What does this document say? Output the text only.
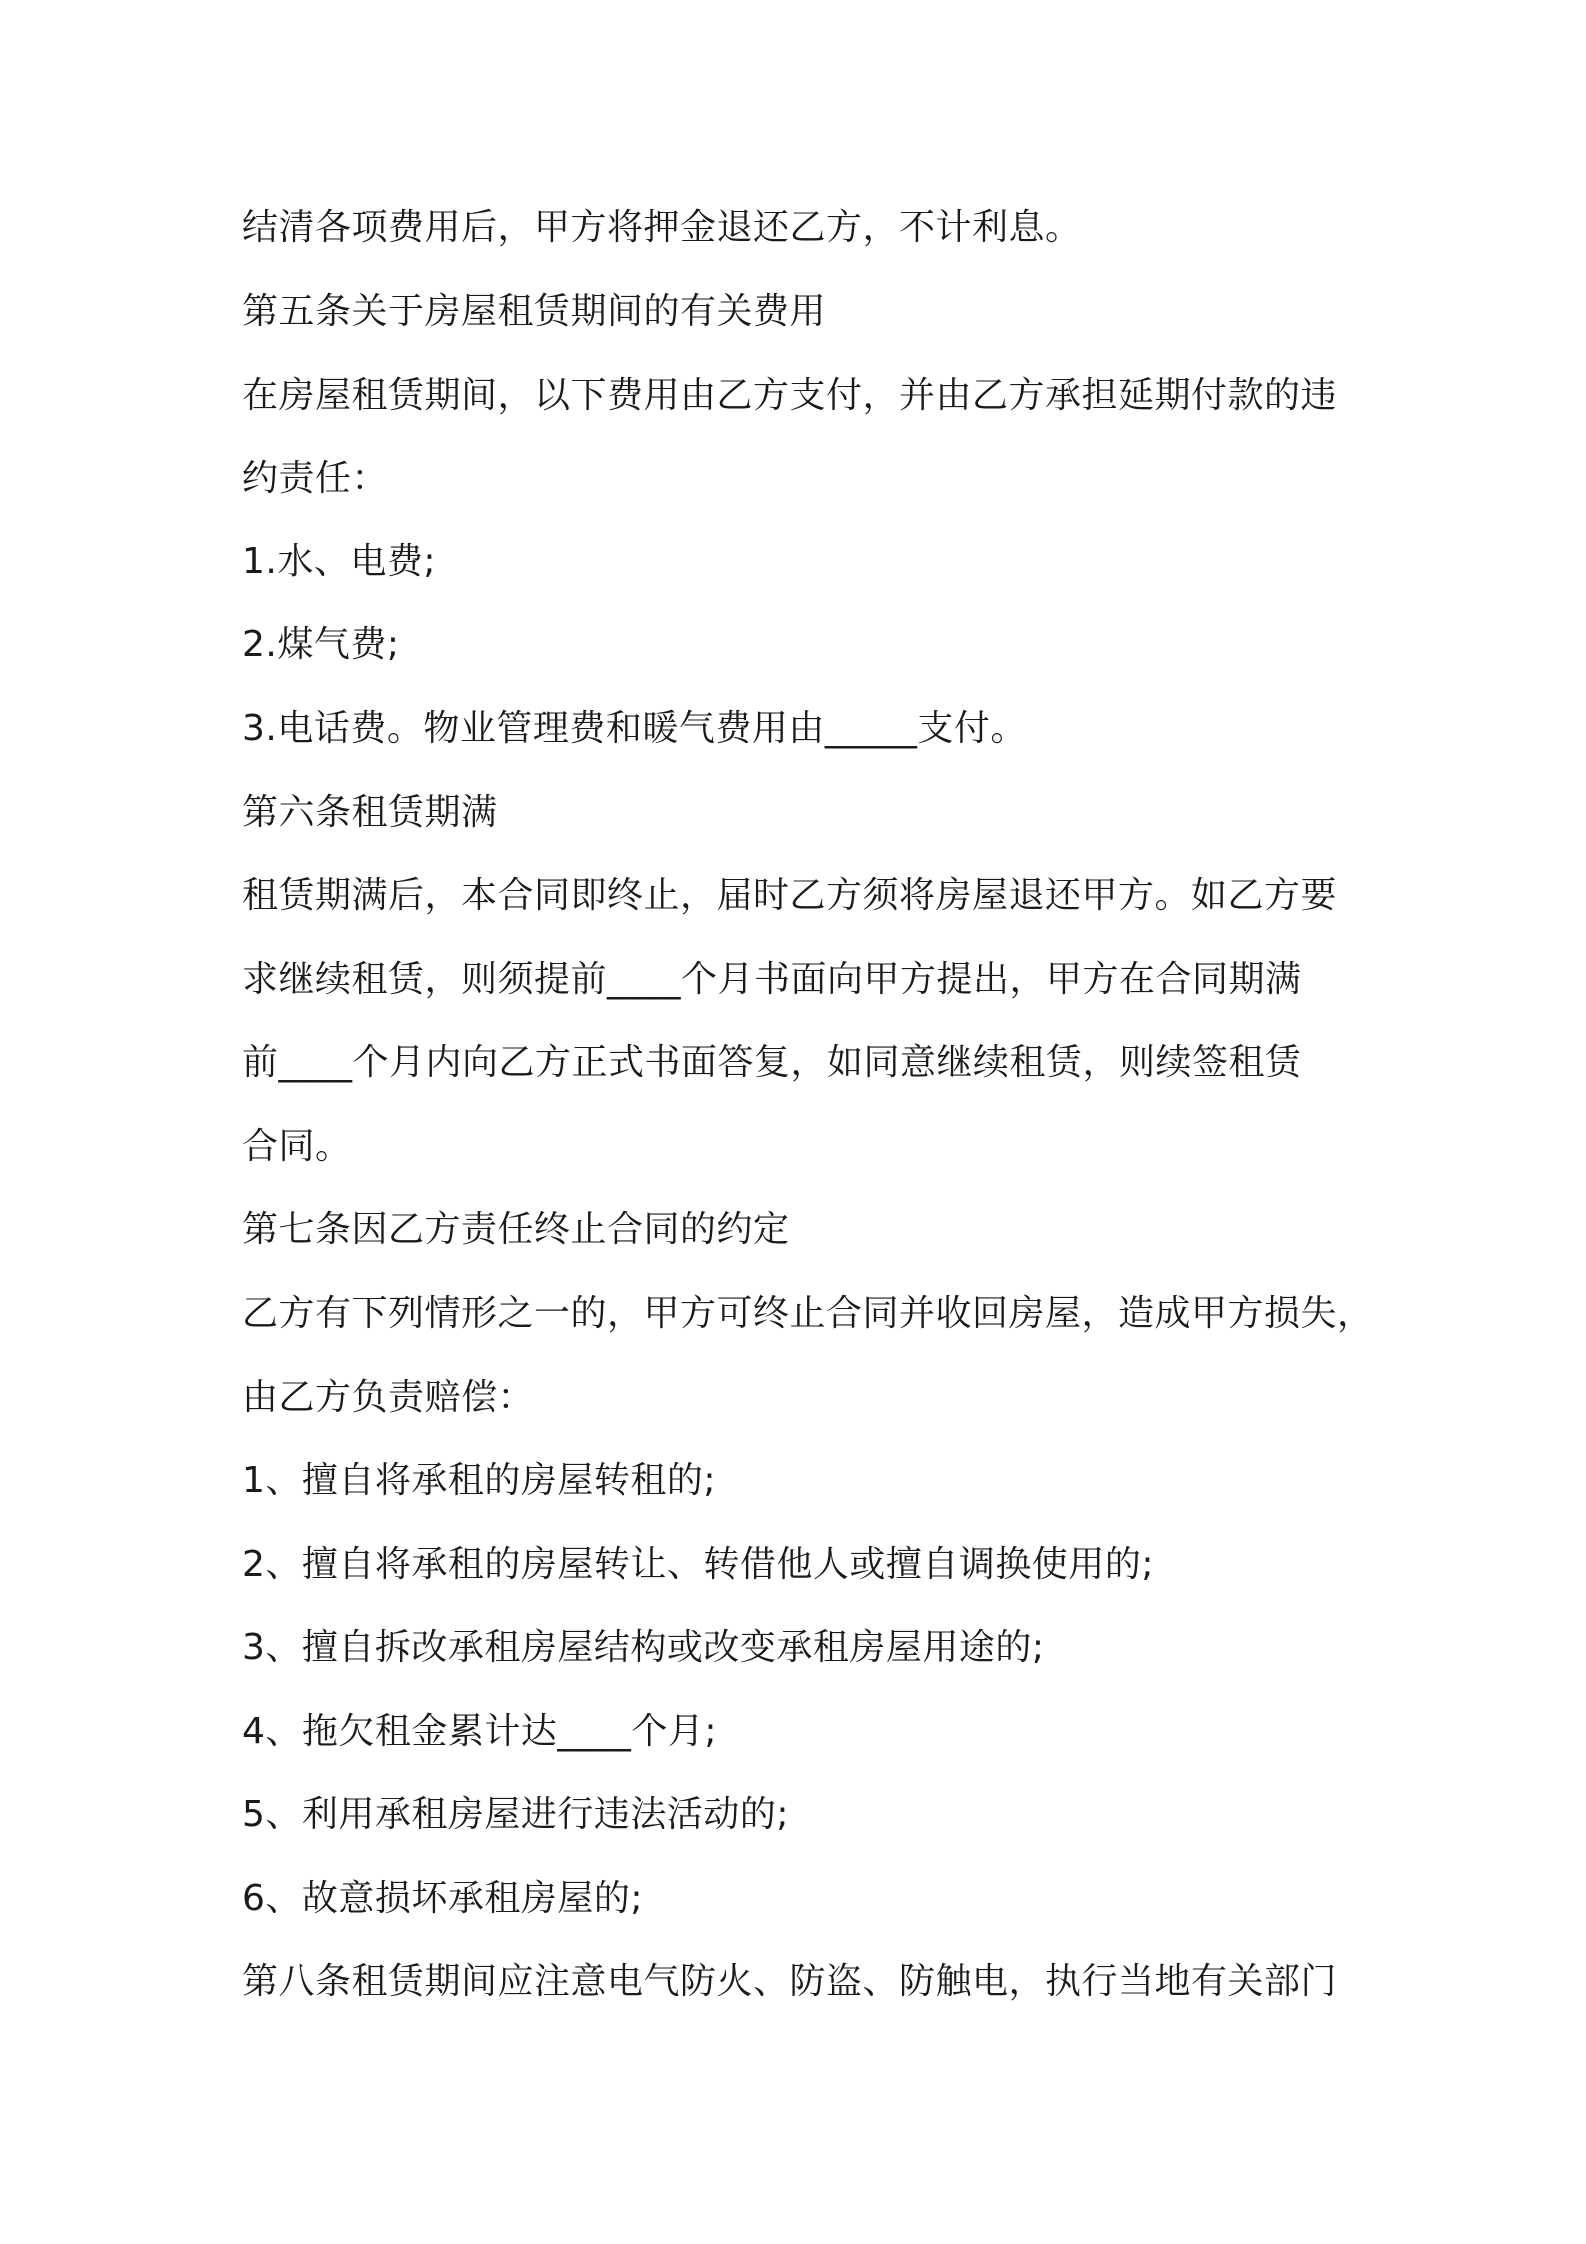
结清各项费用后，甲方将押金退还乙方，不计利息。

第五条关于房屋租赁期间的有关费用

在房屋租赁期间，以下费用由乙方支付，并由乙方承担延期付款的违

约责任：

1.水、电费;

2.煤气费;

3.电话费。物业管理费和暖气费用由_____支付。

第六条租赁期满

租赁期满后，本合同即终止，届时乙方须将房屋退还甲方。如乙方要

求继续租赁，则须提前____个月书面向甲方提出，甲方在合同期满

前____个月内向乙方正式书面答复，如同意继续租赁，则续签租赁

合同。

第七条因乙方责任终止合同的约定

乙方有下列情形之一的，甲方可终止合同并收回房屋，造成甲方损失，

由乙方负责赔偿：

1、擅自将承租的房屋转租的;

2、擅自将承租的房屋转让、转借他人或擅自调换使用的;

3、擅自拆改承租房屋结构或改变承租房屋用途的;

4、拖欠租金累计达____个月;

5、利用承租房屋进行违法活动的;

6、故意损坏承租房屋的;

第八条租赁期间应注意电气防火、防盗、防触电，执行当地有关部门
